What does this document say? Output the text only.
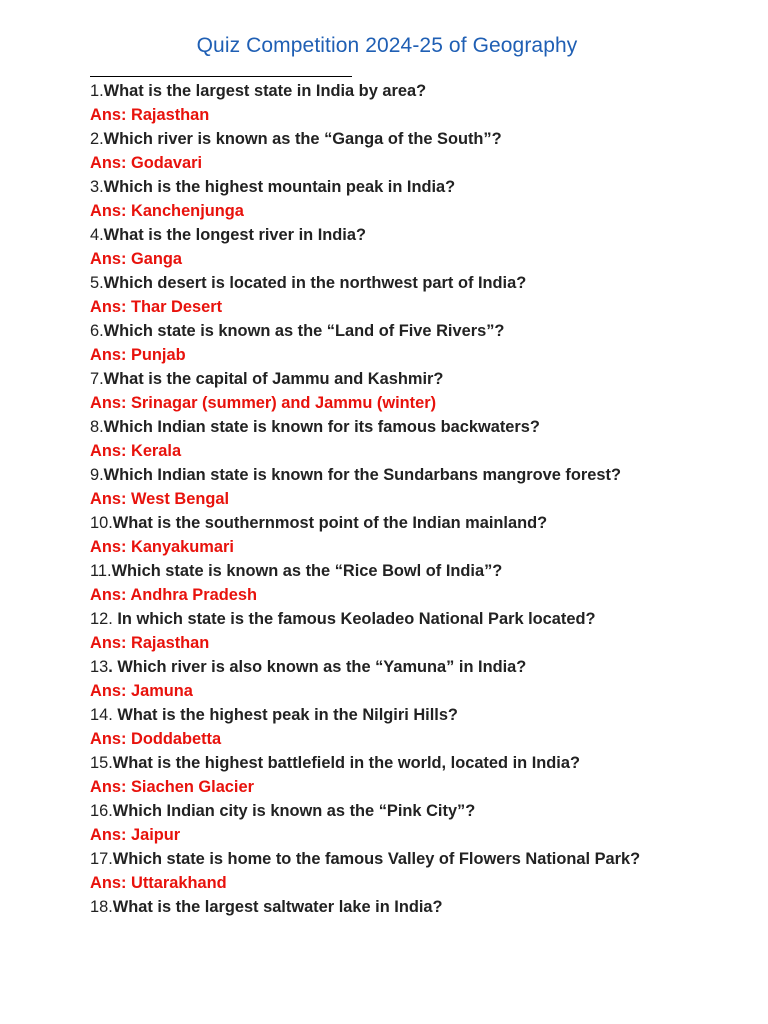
Quiz Competition 2024-25 of Geography
1.What is the largest state in India by area?
Ans: Rajasthan
2.Which river is known as the “Ganga of the South”?
Ans: Godavari
3.Which is the highest mountain peak in India?
Ans: Kanchenjunga
4.What is the longest river in India?
Ans: Ganga
5.Which desert is located in the northwest part of India?
Ans: Thar Desert
6.Which state is known as the “Land of Five Rivers”?
Ans: Punjab
7.What is the capital of Jammu and Kashmir?
Ans: Srinagar (summer) and Jammu (winter)
8.Which Indian state is known for its famous backwaters?
Ans: Kerala
9.Which Indian state is known for the Sundarbans mangrove forest?
Ans: West Bengal
10.What is the southernmost point of the Indian mainland?
Ans: Kanyakumari
11.Which state is known as the “Rice Bowl of India”?
Ans: Andhra Pradesh
12. In which state is the famous Keoladeo National Park located?
Ans: Rajasthan
13. Which river is also known as the “Yamuna” in India?
Ans: Jamuna
14. What is the highest peak in the Nilgiri Hills?
Ans: Doddabetta
15.What is the highest battlefield in the world, located in India?
Ans: Siachen Glacier
16.Which Indian city is known as the “Pink City”?
Ans: Jaipur
17.Which state is home to the famous Valley of Flowers National Park?
Ans: Uttarakhand
18.What is the largest saltwater lake in India?
